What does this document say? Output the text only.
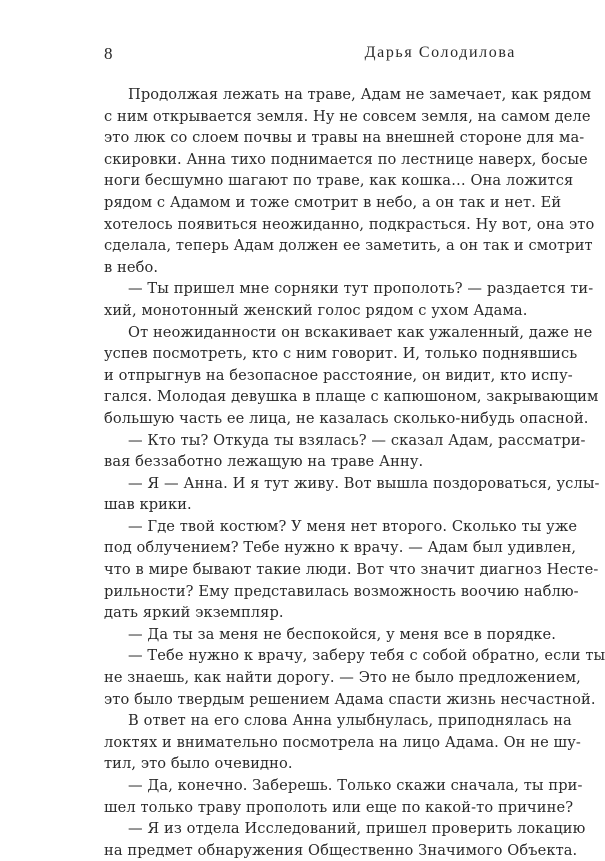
8	Дарья Солодилова
Продолжая лежать на траве, Адам не замечает, как рядом
с ним открывается земля. Ну не совсем земля, на самом деле
это люк со слоем почвы и травы на внешней стороне для ма-
скировки. Анна тихо поднимается по лестнице наверх, босые
ноги бесшумно шагают по траве, как кошка… Она ложится
рядом с Адамом и тоже смотрит в небо, а он так и нет. Ей
хотелось появиться неожиданно, подкрасться. Ну вот, она это
сделала, теперь Адам должен ее заметить, а он так и смотрит
в небо.
— Ты пришел мне сорняки тут прополоть? — раздается ти-
хий, монотонный женский голос рядом с ухом Адама.
От неожиданности он вскакивает как ужаленный, даже не
успев посмотреть, кто с ним говорит. И, только поднявшись
и отпрыгнув на безопасное расстояние, он видит, кто испу-
гался. Молодая девушка в плаще с капюшоном, закрывающим
большую часть ее лица, не казалась сколько-нибудь опасной.
— Кто ты? Откуда ты взялась? — сказал Адам, рассматри-
вая беззаботно лежащую на траве Анну.
— Я — Анна. И я тут живу. Вот вышла поздороваться, услы-
шав крики.
— Где твой костюм? У меня нет второго. Сколько ты уже
под облучением? Тебе нужно к врачу. — Адам был удивлен,
что в мире бывают такие люди. Вот что значит диагноз Несте-
рильности? Ему представилась возможность воочию наблю-
дать яркий экземпляр.
— Да ты за меня не беспокойся, у меня все в порядке.
— Тебе нужно к врачу, заберу тебя с собой обратно, если ты
не знаешь, как найти дорогу. — Это не было предложением,
это было твердым решением Адама спасти жизнь несчастной.
В ответ на его слова Анна улыбнулась, приподнялась на
локтях и внимательно посмотрела на лицо Адама. Он не шу-
тил, это было очевидно.
— Да, конечно. Заберешь. Только скажи сначала, ты при-
шел только траву прополоть или еще по какой-то причине?
— Я из отдела Исследований, пришел проверить локацию
на предмет обнаружения Общественно Значимого Объекта.
